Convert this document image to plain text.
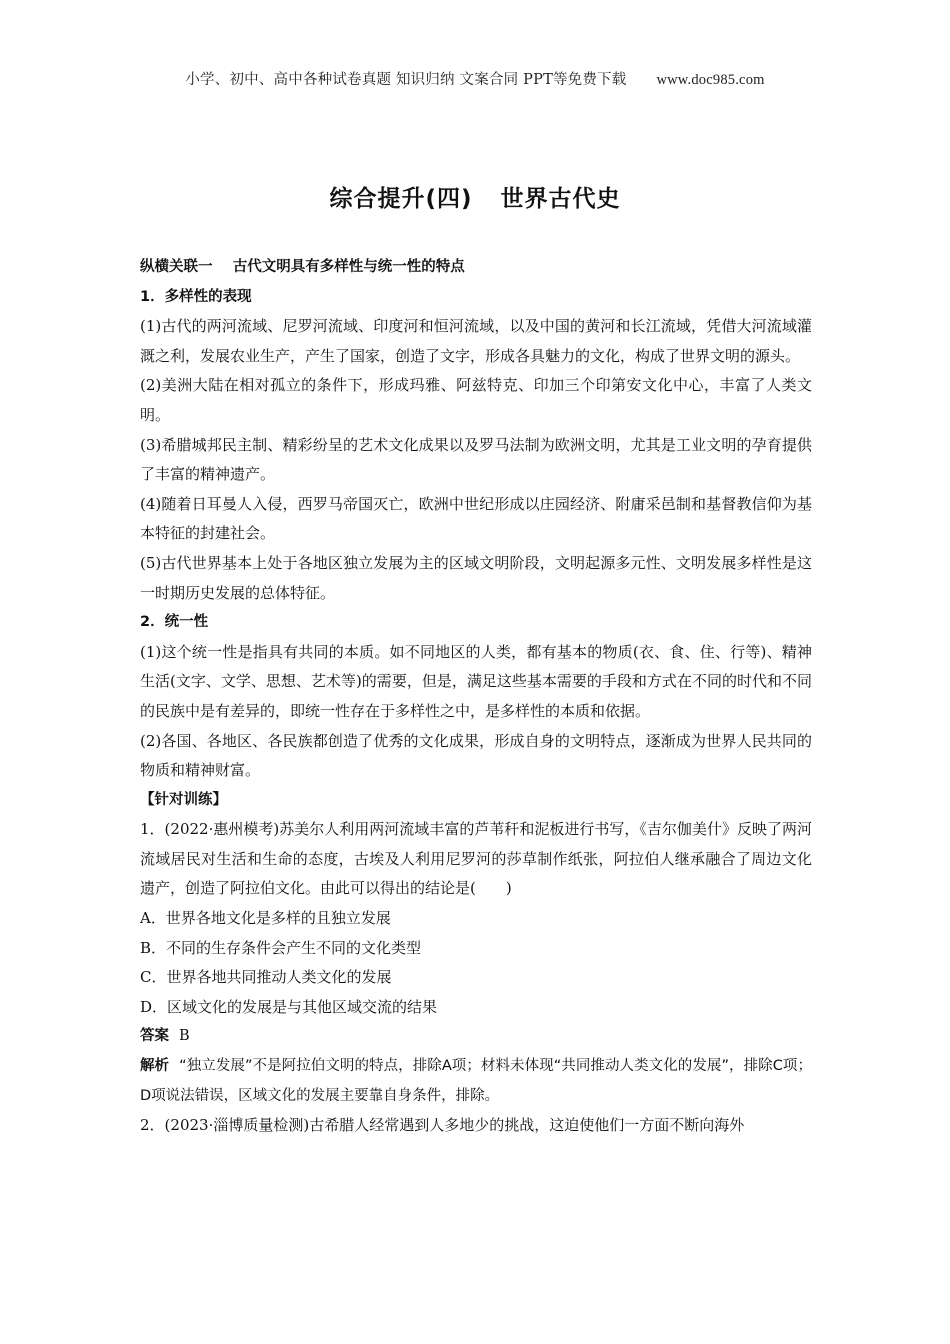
小学、初中、高中各种试卷真题 知识归纳 文案合同 PPT等免费下载 www.doc985.com
综合提升(四) 世界古代史

纵横关联一    古代文明具有多样性与统一性的特点

1．多样性的表现

(1)古代的两河流域、尼罗河流域、印度河和恒河流域，以及中国的黄河和长江流域，凭借大河流域灌溉之利，发展农业生产，产生了国家，创造了文字，形成各具魅力的文化，构成了世界文明的源头。

(2)美洲大陆在相对孤立的条件下，形成玛雅、阿兹特克、印加三个印第安文化中心，丰富了人类文明。

(3)希腊城邦民主制、精彩纷呈的艺术文化成果以及罗马法制为欧洲文明，尤其是工业文明的孕育提供了丰富的精神遗产。

(4)随着日耳曼人入侵，西罗马帝国灭亡，欧洲中世纪形成以庄园经济、附庸采邑制和基督教信仰为基本特征的封建社会。

(5)古代世界基本上处于各地区独立发展为主的区域文明阶段，文明起源多元性、文明发展多样性是这一时期历史发展的总体特征。

2．统一性

(1)这个统一性是指具有共同的本质。如不同地区的人类，都有基本的物质(衣、食、住、行等)、精神生活(文字、文学、思想、艺术等)的需要，但是，满足这些基本需要的手段和方式在不同的时代和不同的民族中是有差异的，即统一性存在于多样性之中，是多样性的本质和依据。

(2)各国、各地区、各民族都创造了优秀的文化成果，形成自身的文明特点，逐渐成为世界人民共同的物质和精神财富。

【针对训练】

1．(2022·惠州模考)苏美尔人利用两河流域丰富的芦苇秆和泥板进行书写，《吉尔伽美什》反映了两河流域居民对生活和生命的态度，古埃及人利用尼罗河的莎草制作纸张，阿拉伯人继承融合了周边文化遗产，创造了阿拉伯文化。由此可以得出的结论是(　　)

A．世界各地文化是多样的且独立发展

B．不同的生存条件会产生不同的文化类型

C．世界各地共同推动人类文化的发展

D．区域文化的发展是与其他区域交流的结果

答案 B

解析 “独立发展”不是阿拉伯文明的特点，排除A项；材料未体现“共同推动人类文化的发展”，排除C项；D项说法错误，区域文化的发展主要靠自身条件，排除。

2．(2023·淄博质量检测)古希腊人经常遇到人多地少的挑战，这迫使他们一方面不断向海外
